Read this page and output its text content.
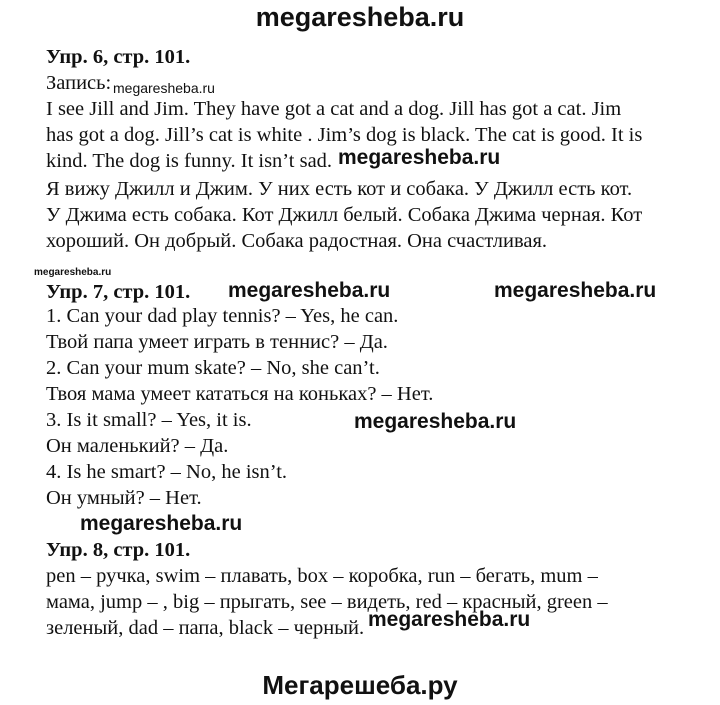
megaresheba.ru
Упр. 6, стр. 101.
Запись: megaresheba.ru
I see Jill and Jim. They have got a cat and a dog. Jill has got a cat. Jim
has got a dog. Jill’s cat is white . Jim’s dog is black. The cat is good. It is
kind. The dog is funny. It isn’t sad. megaresheba.ru
Я вижу Джилл и Джим. У них есть кот и собака. У Джилл есть кот.
У Джима есть собака. Кот Джилл белый. Собака Джима черная. Кот
хороший. Он добрый. Собака радостная. Она счастливая.
megaresheba.ru
Упр. 7, стр. 101. megaresheba.ru	megaresheba.ru
1. Can your dad play tennis? – Yes, he can.
Твой папа умеет играть в теннис? – Да.
2. Can your mum skate? – No, she can’t.
Твоя мама умеет кататься на коньках? – Нет.
3. Is it small? – Yes, it is.	megaresheba.ru
Он маленький? – Да.
4. Is he smart? – No, he isn’t.
Он умный? – Нет.
megaresheba.ru
Упр. 8, стр. 101.
pen – ручка, swim – плавать, box – коробка, run – бегать, mum –
мама, jump – , big – прыгать, see – видеть, red – красный, green –
зеленый, dad – папа, black – черный. megaresheba.ru
Мегарешеба.ру
